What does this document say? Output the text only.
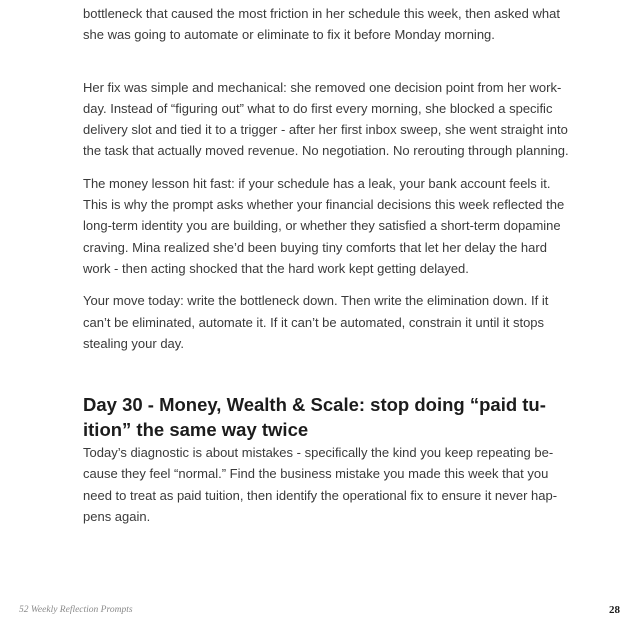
bottleneck that caused the most friction in her schedule this week, then asked what
she was going to automate or eliminate to fix it before Monday morning.

Her fix was simple and mechanical: she removed one decision point from her work-
day. Instead of “figuring out” what to do first every morning, she blocked a specific
delivery slot and tied it to a trigger - after her first inbox sweep, she went straight into
the task that actually moved revenue. No negotiation. No rerouting through planning.

The money lesson hit fast: if your schedule has a leak, your bank account feels it.
This is why the prompt asks whether your financial decisions this week reflected the
long-term identity you are building, or whether they satisfied a short-term dopamine
craving. Mina realized she’d been buying tiny comforts that let her delay the hard
work - then acting shocked that the hard work kept getting delayed.

Your move today: write the bottleneck down. Then write the elimination down. If it
can’t be eliminated, automate it. If it can’t be automated, constrain it until it stops
stealing your day.

Day 30 - Money, Wealth & Scale: stop doing “paid tu-
ition” the same way twice

Today’s diagnostic is about mistakes - specifically the kind you keep repeating be-
cause they feel “normal.” Find the business mistake you made this week that you
need to treat as paid tuition, then identify the operational fix to ensure it never hap-
pens again.

52 Weekly Reflection Prompts	28
